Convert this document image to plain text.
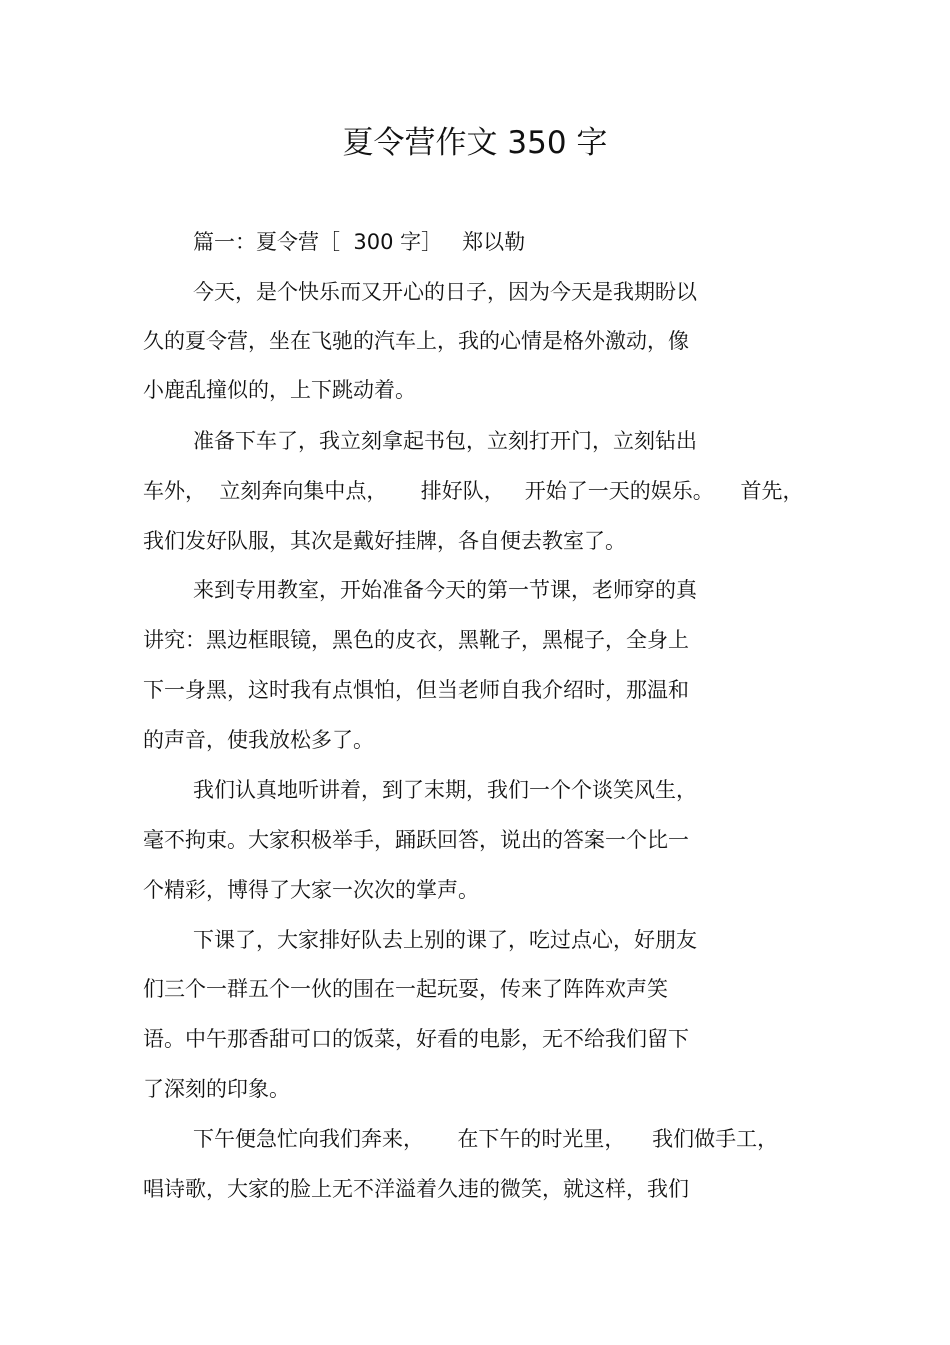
夏令营作文 350 字

篇一：夏令营［  300 字］   郑以勒

今天，是个快乐而又开心的日子，因为今天是我期盼以

久的夏令营，坐在飞驰的汽车上，我的心情是格外激动，像

小鹿乱撞似的，上下跳动着。

准备下车了，我立刻拿起书包，立刻打开门，立刻钻出

车外，  立刻奔向集中点，     排好队，   开始了一天的娱乐。    首先，

我们发好队服，其次是戴好挂牌，各自便去教室了。

来到专用教室，开始准备今天的第一节课，老师穿的真

讲究：黑边框眼镜，黑色的皮衣，黑靴子，黑棍子，全身上

下一身黑，这时我有点惧怕，但当老师自我介绍时，那温和

的声音，使我放松多了。

我们认真地听讲着，到了末期，我们一个个谈笑风生，

毫不拘束。大家积极举手，踊跃回答，说出的答案一个比一

个精彩，博得了大家一次次的掌声。

下课了，大家排好队去上别的课了，吃过点心，好朋友

们三个一群五个一伙的围在一起玩耍，传来了阵阵欢声笑

语。中午那香甜可口的饭菜，好看的电影，无不给我们留下

了深刻的印象。

下午便急忙向我们奔来，     在下午的时光里，    我们做手工，

唱诗歌，大家的脸上无不洋溢着久违的微笑，就这样，我们
